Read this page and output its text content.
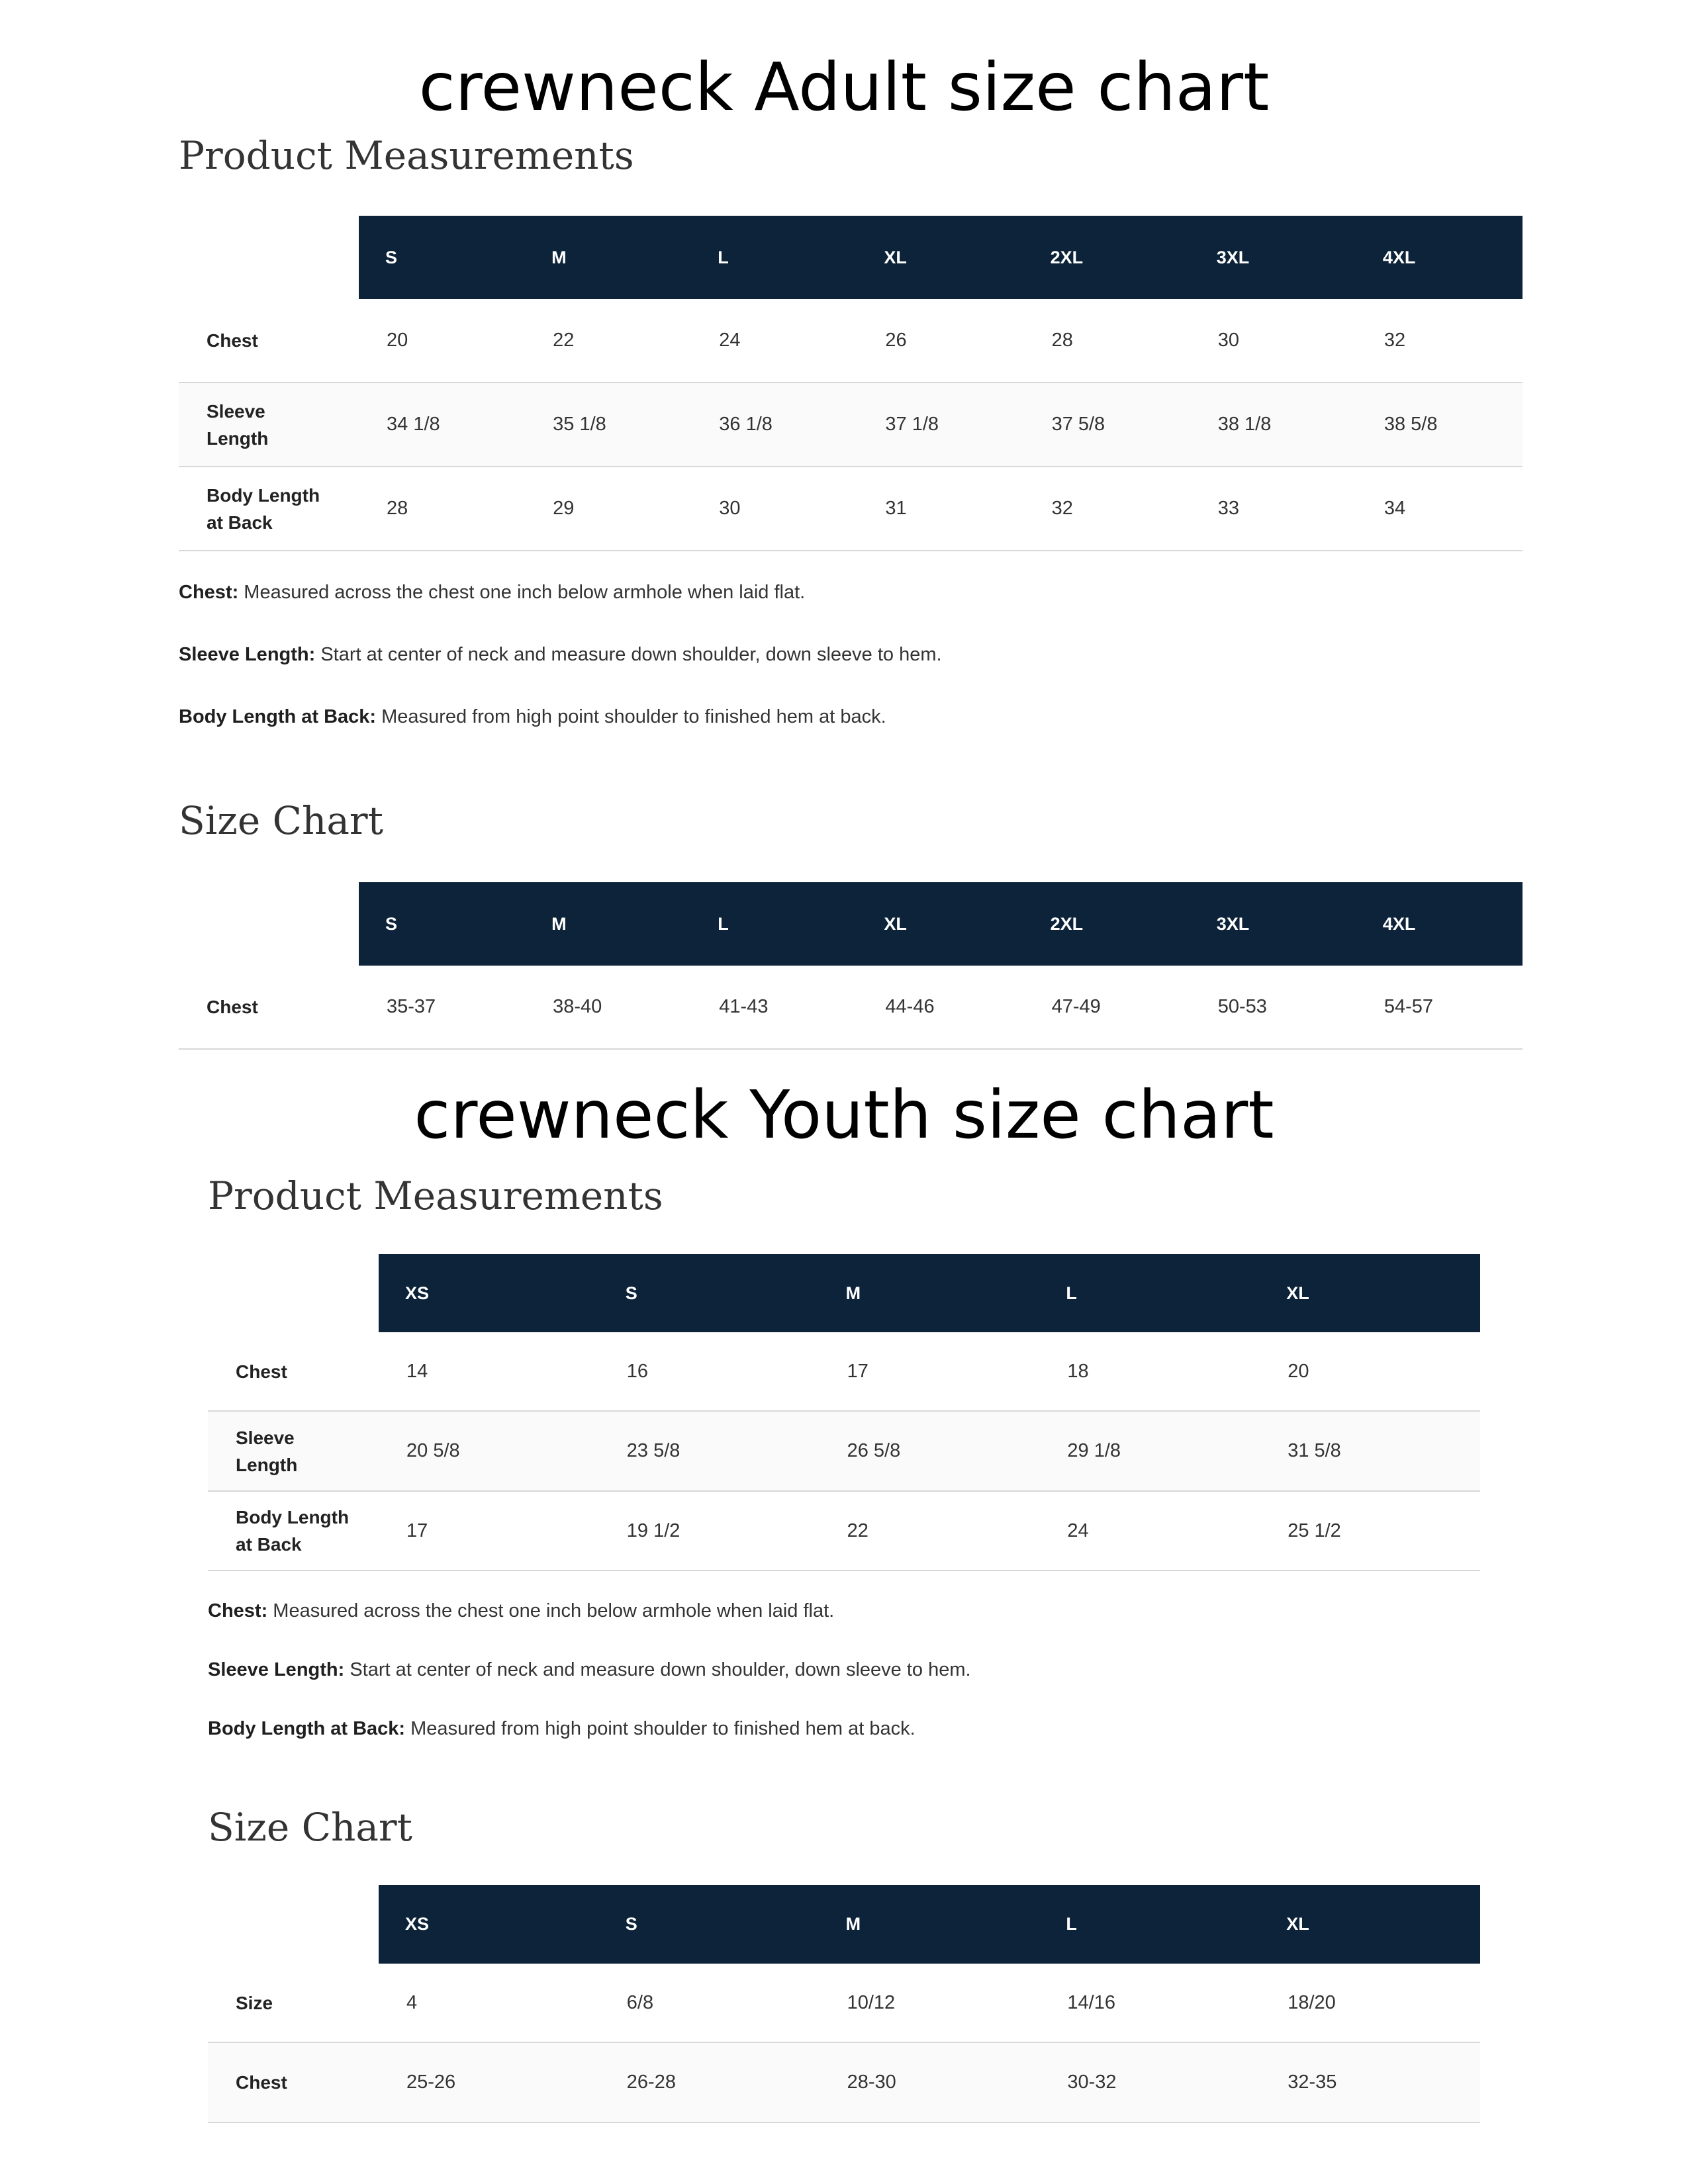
crewneck Adult size chart
Product Measurements
S	M	L	XL	2XL	3XL	4XL
Chest	20	22	24	26	28	30	32
Sleeve
Length
34 1/8	35 1/8	36 1/8	37 1/8	37 5/8	38 1/8	38 5/8
Body Length
at Back
28	29	30	31	32	33	34

Chest: Measured across the chest one inch below armhole when laid flat.

Sleeve Length: Start at center of neck and measure down shoulder, down sleeve to hem.

Body Length at Back: Measured from high point shoulder to finished hem at back.

Size Chart
S	M	L	XL	2XL	3XL	4XL
Chest	35-37	38-40	41-43	44-46	47-49	50-53	54-57
crewneck Youth size chart
Product Measurements
XS	S	M	L	XL
Chest	14	16	17	18	20
Sleeve
Length
20 5/8	23 5/8	26 5/8	29 1/8	31 5/8
Body Length
at Back
17	19 1/2	22	24	25 1/2

Chest: Measured across the chest one inch below armhole when laid flat.

Sleeve Length: Start at center of neck and measure down shoulder, down sleeve to hem.

Body Length at Back: Measured from high point shoulder to finished hem at back.

Size Chart
XS	S	M	L	XL
Size	4	6/8	10/12	14/16	18/20
Chest	25-26	26-28	28-30	30-32	32-35
